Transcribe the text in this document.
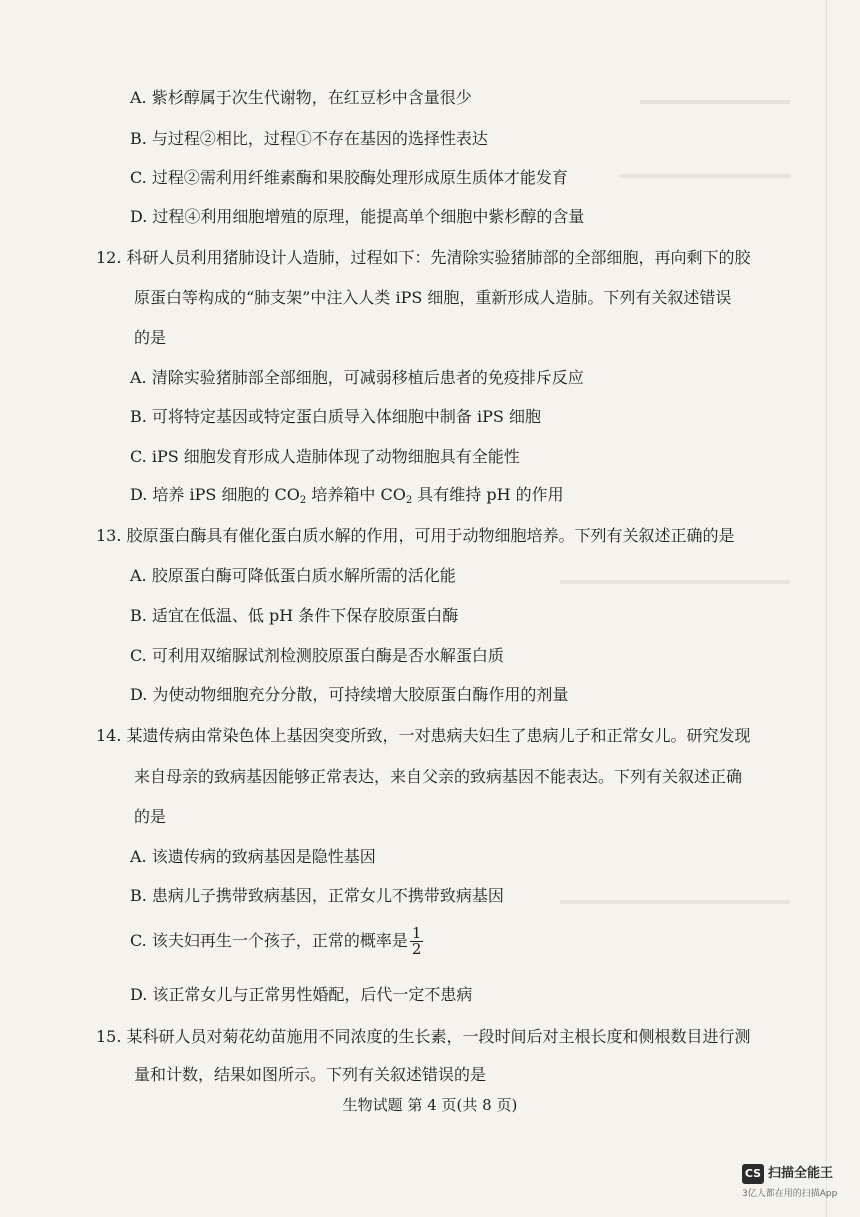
A. 紫杉醇属于次生代谢物，在红豆杉中含量很少
B. 与过程②相比，过程①不存在基因的选择性表达
C. 过程②需利用纤维素酶和果胶酶处理形成原生质体才能发育
D. 过程④利用细胞增殖的原理，能提高单个细胞中紫杉醇的含量
12. 科研人员利用猪肺设计人造肺，过程如下：先清除实验猪肺部的全部细胞，再向剩下的胶
原蛋白等构成的“肺支架”中注入人类 iPS 细胞，重新形成人造肺。下列有关叙述错误
的是
A. 清除实验猪肺部全部细胞，可减弱移植后患者的免疫排斥反应
B. 可将特定基因或特定蛋白质导入体细胞中制备 iPS 细胞
C. iPS 细胞发育形成人造肺体现了动物细胞具有全能性
D. 培养 iPS 细胞的 $CO_2$ 培养箱中 $CO_2$ 具有维持 pH 的作用
13. 胶原蛋白酶具有催化蛋白质水解的作用，可用于动物细胞培养。下列有关叙述正确的是
A. 胶原蛋白酶可降低蛋白质水解所需的活化能
B. 适宜在低温、低 pH 条件下保存胶原蛋白酶
C. 可利用双缩脲试剂检测胶原蛋白酶是否水解蛋白质
D. 为使动物细胞充分分散，可持续增大胶原蛋白酶作用的剂量
14. 某遗传病由常染色体上基因突变所致，一对患病夫妇生了患病儿子和正常女儿。研究发现
来自母亲的致病基因能够正常表达，来自父亲的致病基因不能表达。下列有关叙述正确
的是
A. 该遗传病的致病基因是隐性基因
B. 患病儿子携带致病基因，正常女儿不携带致病基因
C. 该夫妇再生一个孩子，正常的概率是 $\frac{1}{2}$
D. 该正常女儿与正常男性婚配，后代一定不患病
15. 某科研人员对菊花幼苗施用不同浓度的生长素，一段时间后对主根长度和侧根数目进行测
量和计数，结果如图所示。下列有关叙述错误的是
生物试题 第 4 页(共 8 页)
CS 扫描全能王
3亿人都在用的扫描App
